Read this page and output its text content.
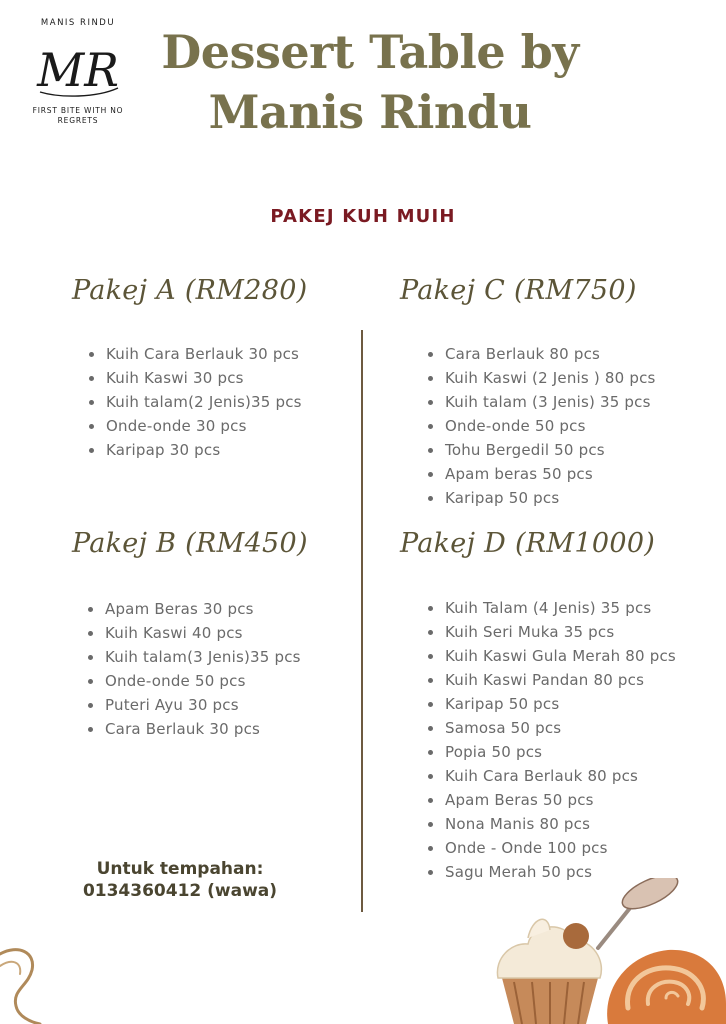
MANIS RINDU
MR
FIRST BITE WITH NO
REGRETS
Dessert Table by
Manis Rindu
PAKEJ KUH MUIH
Pakej A (RM280)
Kuih Cara Berlauk 30 pcs
Kuih Kaswi 30 pcs
Kuih talam(2 Jenis)35 pcs
Onde-onde 30 pcs
Karipap 30 pcs
Pakej C (RM750)
Cara Berlauk 80 pcs
Kuih Kaswi (2 Jenis ) 80 pcs
Kuih talam (3 Jenis) 35 pcs
Onde-onde 50 pcs
Tohu Bergedil 50 pcs
Apam beras 50 pcs
Karipap 50 pcs
Pakej B (RM450)
Apam Beras 30 pcs
Kuih Kaswi 40 pcs
Kuih talam(3 Jenis)35 pcs
Onde-onde 50 pcs
Puteri Ayu 30 pcs
Cara Berlauk 30 pcs
Pakej D (RM1000)
Kuih Talam (4 Jenis) 35 pcs
Kuih Seri Muka 35 pcs
Kuih Kaswi Gula Merah 80 pcs
Kuih Kaswi Pandan 80 pcs
Karipap 50 pcs
Samosa 50 pcs
Popia 50 pcs
Kuih Cara Berlauk 80 pcs
Apam Beras 50 pcs
Nona Manis 80 pcs
Onde - Onde 100 pcs
Sagu Merah 50 pcs
Untuk tempahan:
0134360412 (wawa)
